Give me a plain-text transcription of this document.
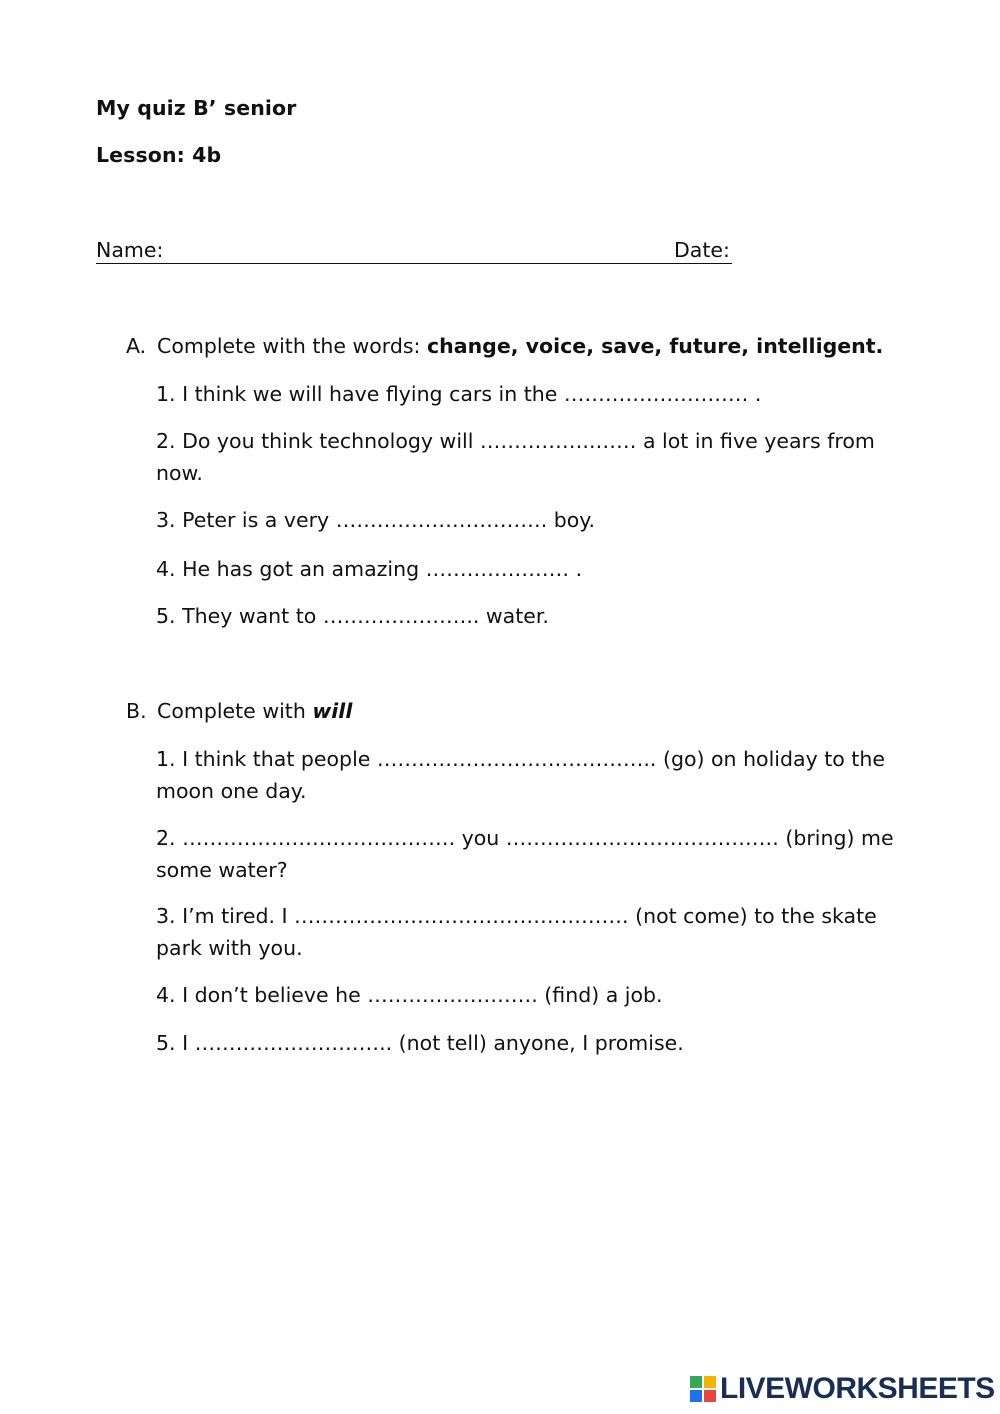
My quiz B’ senior
Lesson: 4b
Name:	Date:
A. Complete with the words: change, voice, save, future, intelligent.
1. I think we will have flying cars in the ……………………… .
2. Do you think technology will ……………..…… a lot in five years from now.
3. Peter is a very …………………………. boy.
4. He has got an amazing ………………… .
5. They want to ………………….. water.
B. Complete with will
1. I think that people ………………………………….. (go) on holiday to the moon one day.
2. …………………………………. you …………………………………. (bring) me some water?
3. I’m tired. I …………………………………………. (not come) to the skate park with you.
4. I don’t believe he ……………………. (find) a job.
5. I ……………………….. (not tell) anyone, I promise.
LIVEWORKSHEETS
